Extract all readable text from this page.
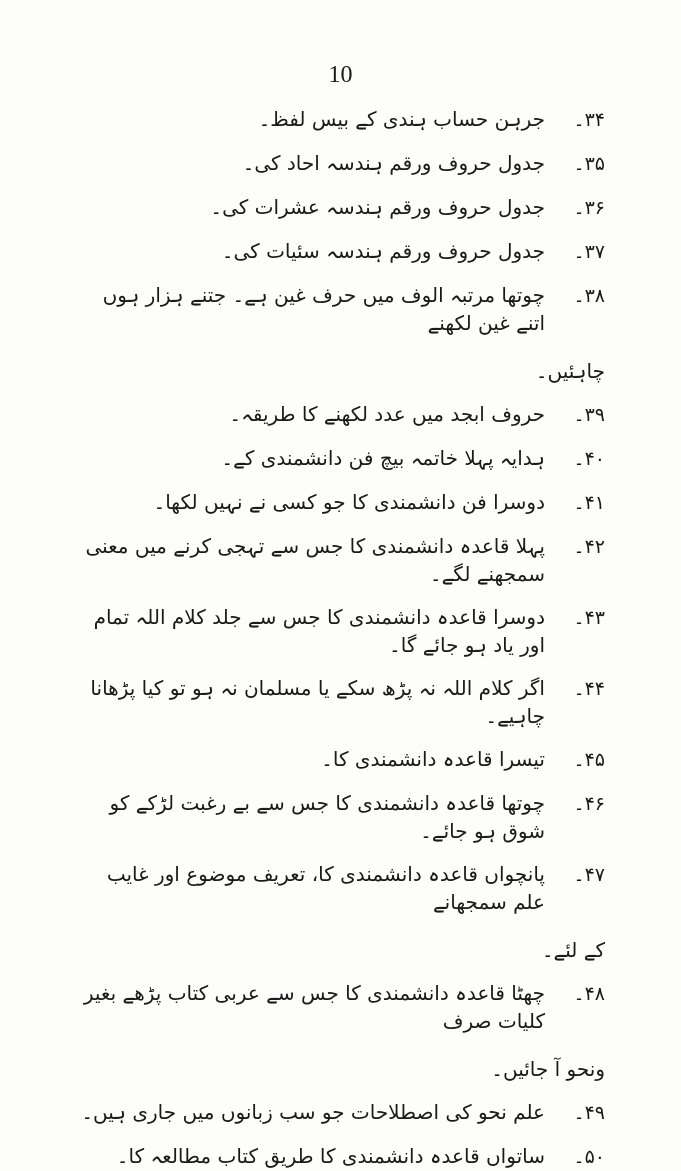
10
۳۴۔
جرہن حساب ہندی کے بیس لفظ۔
۳۵۔
جدول حروف ورقم ہندسہ احاد کی۔
۳۶۔
جدول حروف ورقم ہندسہ عشرات کی۔
۳۷۔
جدول حروف ورقم ہندسہ سئیات کی۔
۳۸۔
چوتھا مرتبہ الوف میں حرف غین ہے۔ جتنے ہزار ہوں اتنے غین لکھنے
چاہئیں۔
۳۹۔
حروف ابجد میں عدد لکھنے کا طریقہ۔
۴۰۔
ہدایہ پہلا خاتمہ بیچ فن دانشمندی کے۔
۴۱۔
دوسرا فن دانشمندی کا جو کسی نے نہیں لکھا۔
۴۲۔
پہلا قاعدہ دانشمندی کا جس سے تہجی کرنے میں معنی سمجھنے لگے۔
۴۳۔
دوسرا قاعدہ دانشمندی کا جس سے جلد کلام اللہ تمام اور یاد ہو جائے گا۔
۴۴۔
اگر کلام اللہ نہ پڑھ سکے یا مسلمان نہ ہو تو کیا پڑھانا چاہیے۔
۴۵۔
تیسرا قاعدہ دانشمندی کا۔
۴۶۔
چوتھا قاعدہ دانشمندی کا جس سے بے رغبت لڑکے کو شوق ہو جائے۔
۴۷۔
پانچواں قاعدہ دانشمندی کا، تعریف موضوع اور غایب علم سمجھانے
کے لئے۔
۴۸۔
چھٹا قاعدہ دانشمندی کا جس سے عربی کتاب پڑھے بغیر کلیات صرف
ونحو آ جائیں۔
۴۹۔
علم نحو کی اصطلاحات جو سب زبانوں میں جاری ہیں۔
۵۰۔
ساتواں قاعدہ دانشمندی کا طریق کتاب مطالعہ کا۔
